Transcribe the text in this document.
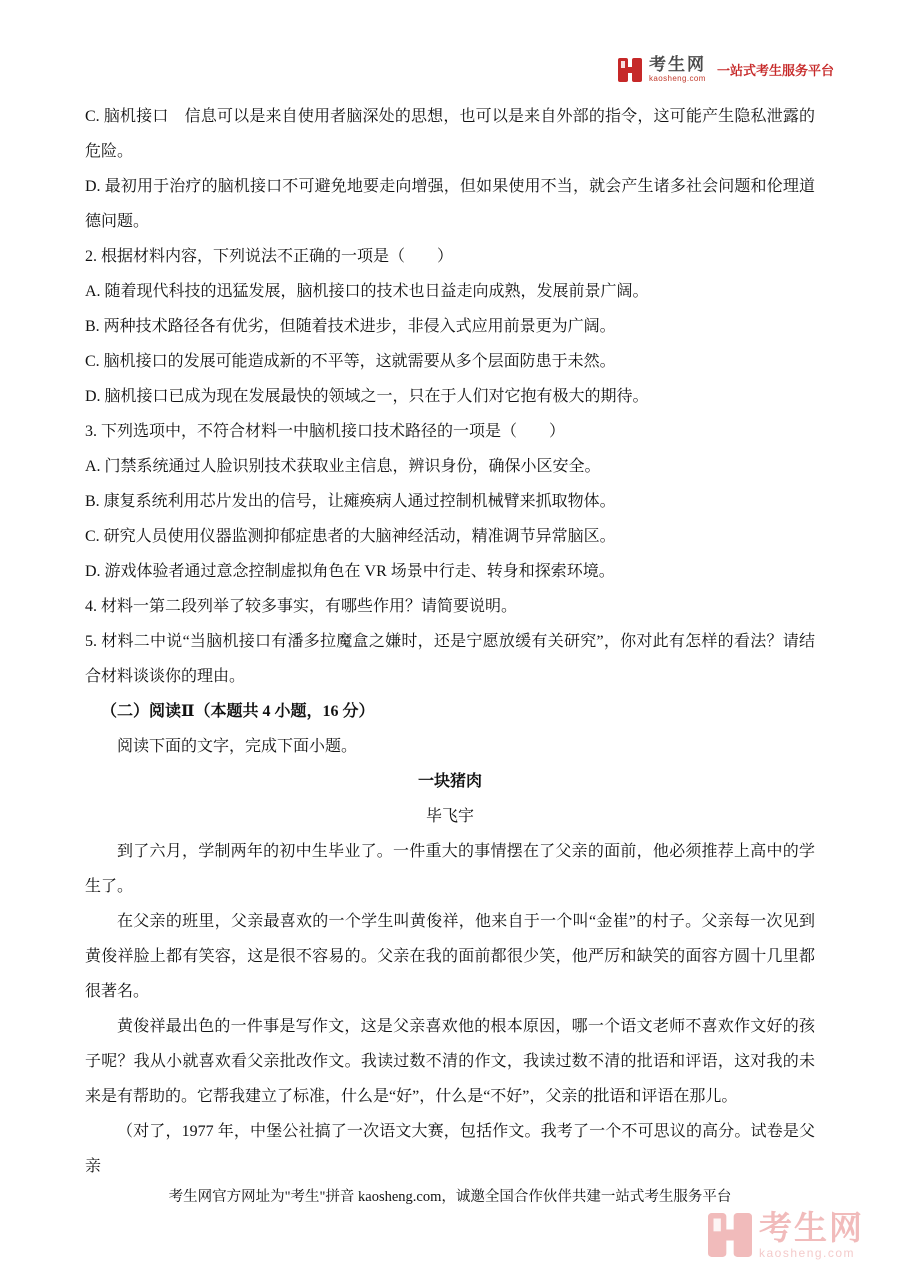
考生网
kaosheng.com
一站式考生服务平台

C. 脑机接口　信息可以是来自使用者脑深处的思想，也可以是来自外部的指令，这可能产生隐私泄露的危险。

D. 最初用于治疗的脑机接口不可避免地要走向增强，但如果使用不当，就会产生诸多社会问题和伦理道德问题。

2. 根据材料内容，下列说法不正确的一项是（　　）

A. 随着现代科技的迅猛发展，脑机接口的技术也日益走向成熟，发展前景广阔。

B. 两种技术路径各有优劣，但随着技术进步，非侵入式应用前景更为广阔。

C. 脑机接口的发展可能造成新的不平等，这就需要从多个层面防患于未然。

D. 脑机接口已成为现在发展最快的领域之一，只在于人们对它抱有极大的期待。

3. 下列选项中，不符合材料一中脑机接口技术路径的一项是（　　）

A. 门禁系统通过人脸识别技术获取业主信息，辨识身份，确保小区安全。

B. 康复系统利用芯片发出的信号，让瘫痪病人通过控制机械臂来抓取物体。

C. 研究人员使用仪器监测抑郁症患者的大脑神经活动，精准调节异常脑区。

D. 游戏体验者通过意念控制虚拟角色在 VR 场景中行走、转身和探索环境。

4. 材料一第二段列举了较多事实，有哪些作用？请简要说明。

5. 材料二中说“当脑机接口有潘多拉魔盒之嫌时，还是宁愿放缓有关研究”，你对此有怎样的看法？请结合材料谈谈你的理由。

（二）阅读Ⅱ（本题共 4 小题，16 分）

阅读下面的文字，完成下面小题。

一块猪肉

毕飞宇

到了六月，学制两年的初中生毕业了。一件重大的事情摆在了父亲的面前，他必须推荐上高中的学生了。

在父亲的班里，父亲最喜欢的一个学生叫黄俊祥，他来自于一个叫“金崔”的村子。父亲每一次见到黄俊祥脸上都有笑容，这是很不容易的。父亲在我的面前都很少笑，他严厉和缺笑的面容方圆十几里都很著名。

黄俊祥最出色的一件事是写作文，这是父亲喜欢他的根本原因，哪一个语文老师不喜欢作文好的孩子呢？我从小就喜欢看父亲批改作文。我读过数不清的作文，我读过数不清的批语和评语，这对我的未来是有帮助的。它帮我建立了标准，什么是“好”，什么是“不好”，父亲的批语和评语在那儿。

（对了，1977 年，中堡公社搞了一次语文大赛，包括作文。我考了一个不可思议的高分。试卷是父亲

考生网官方网址为"考生"拼音 kaosheng.com，诚邀全国合作伙伴共建一站式考生服务平台
考生网
kaosheng.com
